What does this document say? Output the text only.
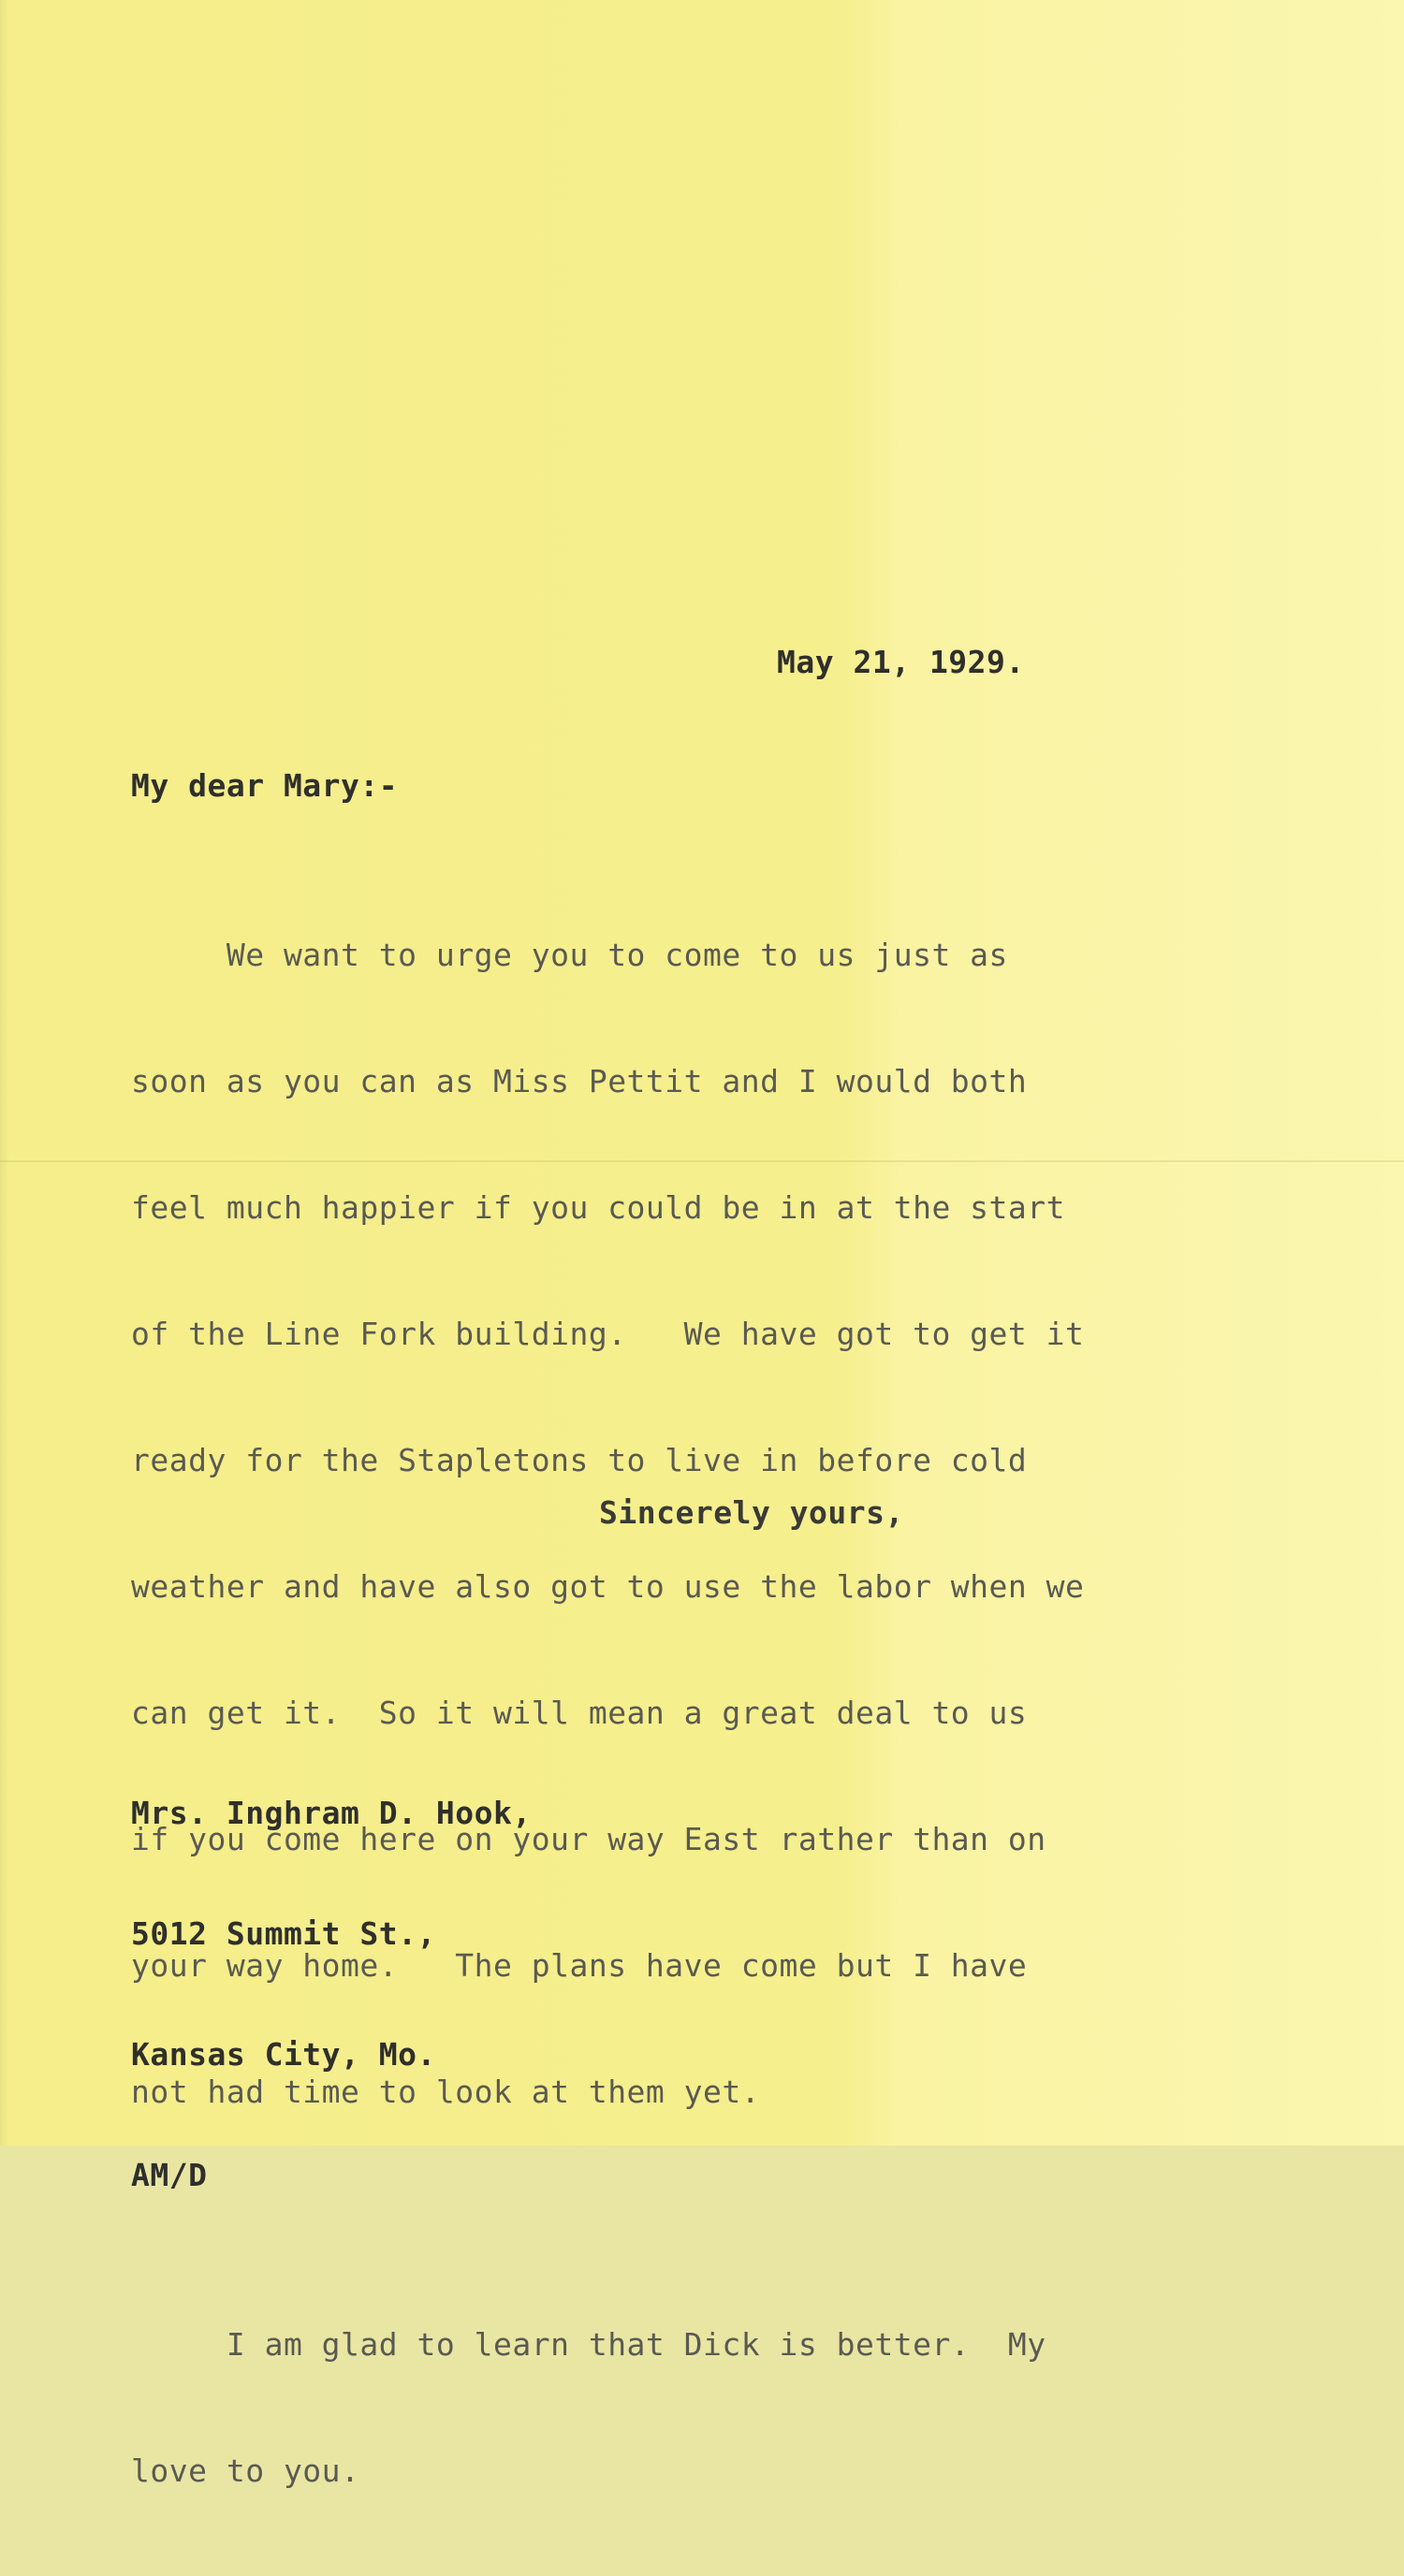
May 21, 1929.

My dear Mary:-

We want to urge you to come to us just as

soon as you can as Miss Pettit and I would both

feel much happier if you could be in at the start

of the Line Fork building.   We have got to get it

ready for the Stapletons to live in before cold

weather and have also got to use the labor when we

can get it.  So it will mean a great deal to us

if you come here on your way East rather than on

your way home.   The plans have come but I have

not had time to look at them yet.

I am glad to learn that Dick is better.  My

love to you.

Sincerely yours,

Mrs. Inghram D. Hook,

5012 Summit St.,

Kansas City, Mo.

AM/D
